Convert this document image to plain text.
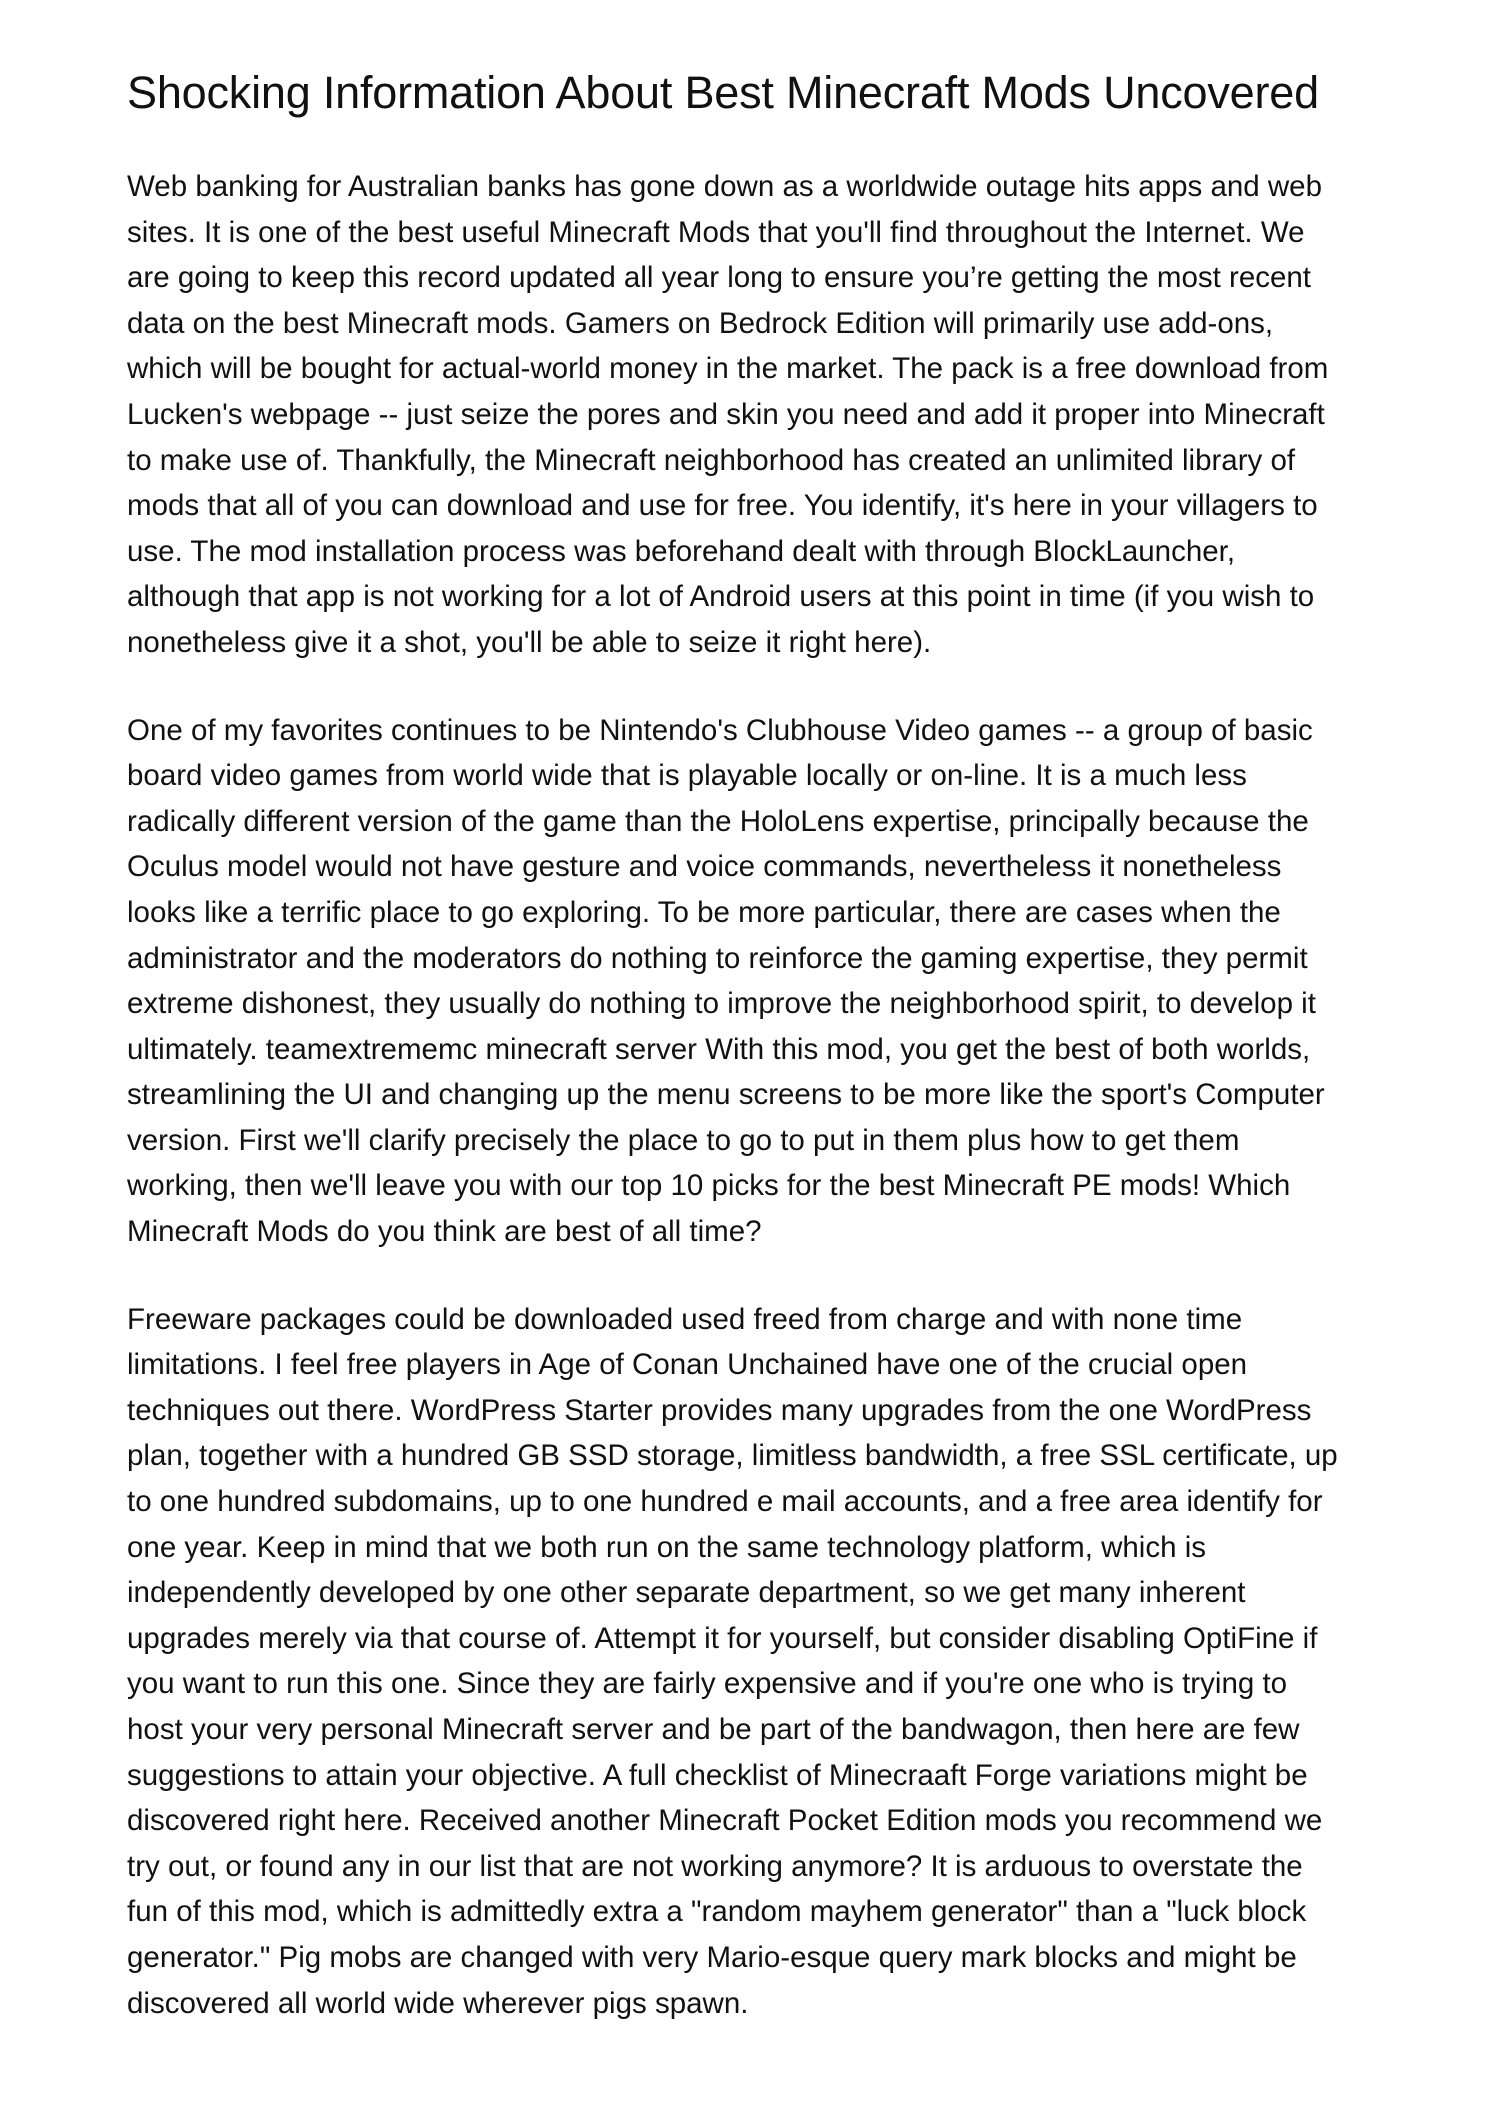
Shocking Information About Best Minecraft Mods Uncovered

Web banking for Australian banks has gone down as a worldwide outage hits apps and web
sites. It is one of the best useful Minecraft Mods that you'll find throughout the Internet. We
are going to keep this record updated all year long to ensure you’re getting the most recent
data on the best Minecraft mods. Gamers on Bedrock Edition will primarily use add-ons,
which will be bought for actual-world money in the market. The pack is a free download from
Lucken's webpage -- just seize the pores and skin you need and add it proper into Minecraft
to make use of. Thankfully, the Minecraft neighborhood has created an unlimited library of
mods that all of you can download and use for free. You identify, it's here in your villagers to
use. The mod installation process was beforehand dealt with through BlockLauncher,
although that app is not working for a lot of Android users at this point in time (if you wish to
nonetheless give it a shot, you'll be able to seize it right here).

One of my favorites continues to be Nintendo's Clubhouse Video games -- a group of basic
board video games from world wide that is playable locally or on-line. It is a much less
radically different version of the game than the HoloLens expertise, principally because the
Oculus model would not have gesture and voice commands, nevertheless it nonetheless
looks like a terrific place to go exploring. To be more particular, there are cases when the
administrator and the moderators do nothing to reinforce the gaming expertise, they permit
extreme dishonest, they usually do nothing to improve the neighborhood spirit, to develop it
ultimately. teamextrememc minecraft server With this mod, you get the best of both worlds,
streamlining the UI and changing up the menu screens to be more like the sport's Computer
version. First we'll clarify precisely the place to go to put in them plus how to get them
working, then we'll leave you with our top 10 picks for the best Minecraft PE mods! Which
Minecraft Mods do you think are best of all time?

Freeware packages could be downloaded used freed from charge and with none time
limitations. I feel free players in Age of Conan Unchained have one of the crucial open
techniques out there. WordPress Starter provides many upgrades from the one WordPress
plan, together with a hundred GB SSD storage, limitless bandwidth, a free SSL certificate, up
to one hundred subdomains, up to one hundred e mail accounts, and a free area identify for
one year. Keep in mind that we both run on the same technology platform, which is
independently developed by one other separate department, so we get many inherent
upgrades merely via that course of. Attempt it for yourself, but consider disabling OptiFine if
you want to run this one. Since they are fairly expensive and if you're one who is trying to
host your very personal Minecraft server and be part of the bandwagon, then here are few
suggestions to attain your objective. A full checklist of Minecraaft Forge variations might be
discovered right here. Received another Minecraft Pocket Edition mods you recommend we
try out, or found any in our list that are not working anymore? It is arduous to overstate the
fun of this mod, which is admittedly extra a "random mayhem generator" than a "luck block
generator." Pig mobs are changed with very Mario-esque query mark blocks and might be
discovered all world wide wherever pigs spawn.
